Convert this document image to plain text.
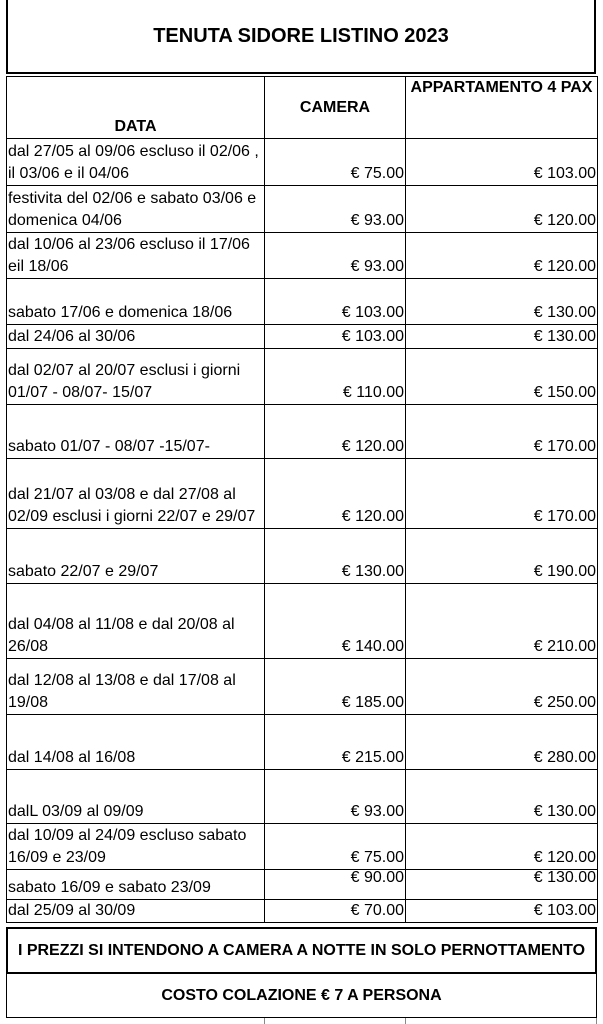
TENUTA SIDORE LISTINO 2023
DATA	CAMERA	APPARTAMENTO 4 PAX
dal 27/05 al 09/06 escluso il 02/06 , il 03/06 e il 04/06	€ 75.00	€ 103.00
festivita del 02/06 e sabato 03/06 e domenica 04/06	€ 93.00	€ 120.00
dal 10/06 al 23/06 escluso il 17/06 eil 18/06	€ 93.00	€ 120.00
sabato 17/06 e domenica 18/06	€ 103.00	€ 130.00
dal 24/06 al 30/06	€ 103.00	€ 130.00
dal 02/07 al 20/07 esclusi i giorni 01/07 - 08/07- 15/07	€ 110.00	€ 150.00
sabato 01/07 - 08/07 -15/07-	€ 120.00	€ 170.00
dal 21/07 al 03/08 e dal 27/08 al 02/09 esclusi i giorni 22/07 e 29/07	€ 120.00	€ 170.00
sabato 22/07 e 29/07	€ 130.00	€ 190.00
dal 04/08 al 11/08 e dal 20/08 al 26/08	€ 140.00	€ 210.00
dal 12/08 al 13/08 e dal 17/08 al 19/08	€ 185.00	€ 250.00
dal 14/08 al 16/08	€ 215.00	€ 280.00
dalL 03/09 al 09/09	€ 93.00	€ 130.00
dal 10/09 al 24/09 escluso sabato 16/09 e 23/09	€ 75.00	€ 120.00
sabato 16/09 e sabato 23/09	€ 90.00	€ 130.00
dal 25/09 al 30/09	€ 70.00	€ 103.00
I PREZZI SI INTENDONO A CAMERA A NOTTE IN SOLO PERNOTTAMENTO
COSTO COLAZIONE € 7 A PERSONA
